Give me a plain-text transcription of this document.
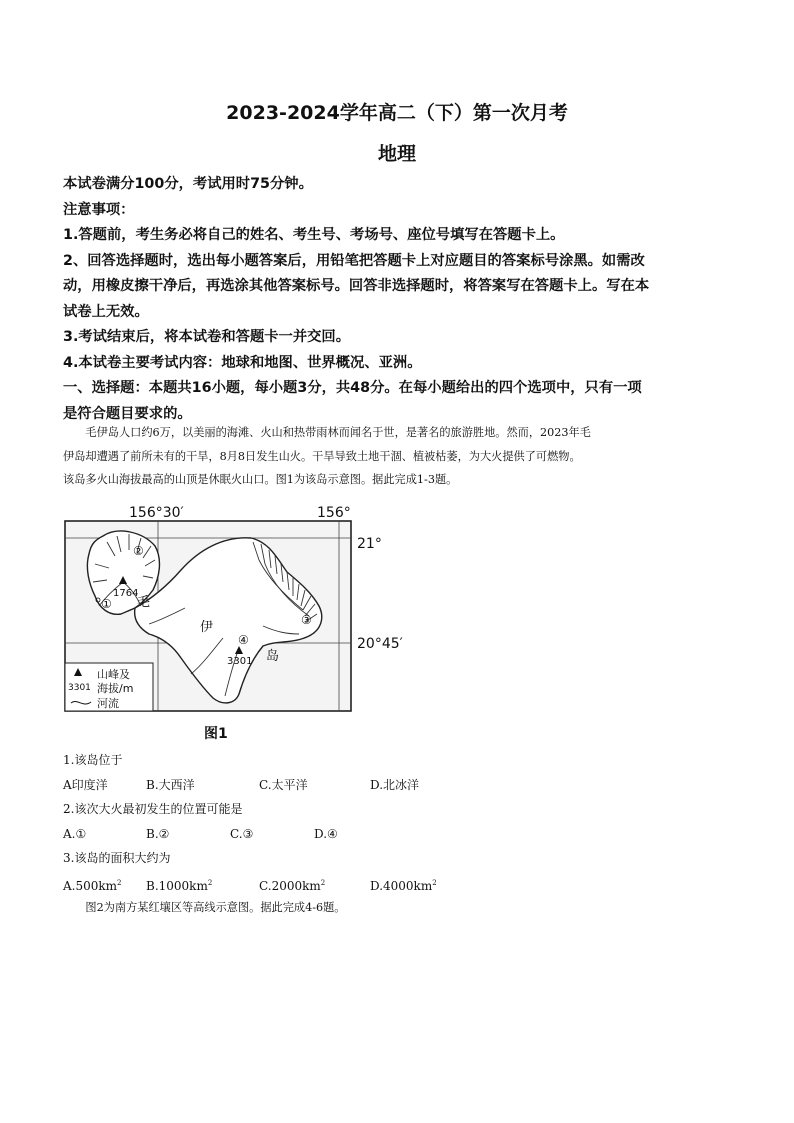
2023-2024学年高二（下）第一次月考
地理

本试卷满分100分，考试用时75分钟。

注意事项：

1.答题前，考生务必将自己的姓名、考生号、考场号、座位号填写在答题卡上。

2、回答选择题时，选出每小题答案后，用铅笔把答题卡上对应题目的答案标号涂黑。如需改

动，用橡皮擦干净后，再选涂其他答案标号。回答非选择题时，将答案写在答题卡上。写在本

试卷上无效。

3.考试结束后，将本试卷和答题卡一并交回。

4.本试卷主要考试内容：地球和地图、世界概况、亚洲。

一、选择题：本题共16小题，每小题3分，共48分。在每小题给出的四个选项中，只有一项

是符合题目要求的。

毛伊岛人口约6万，以美丽的海滩、火山和热带雨林而闻名于世，是著名的旅游胜地。然而，2023年毛

伊岛却遭遇了前所未有的干旱，8月8日发生山火。干旱导致土地干涸、植被枯萎，为大火提供了可燃物。

该岛多火山海拔最高的山顶是休眠火山口。图1为该岛示意图。据此完成1-3题。

156°30′	156°
21°
20°45′
1764
3301
毛
伊
岛
①
②
③
④
3301
山峰及
海拔/m
河流
图1
1.该岛位于
A印度洋	B.大西洋	C.太平洋	D.北冰洋
2.该次大火最初发生的位置可能是
A.①	B.②	C.③	D.④
3.该岛的面积大约为
$A.500km^2$ $B.1000km^2$	$C.2000km^2$	$D.4000km^2$
图2为南方某红壤区等高线示意图。据此完成4-6题。
